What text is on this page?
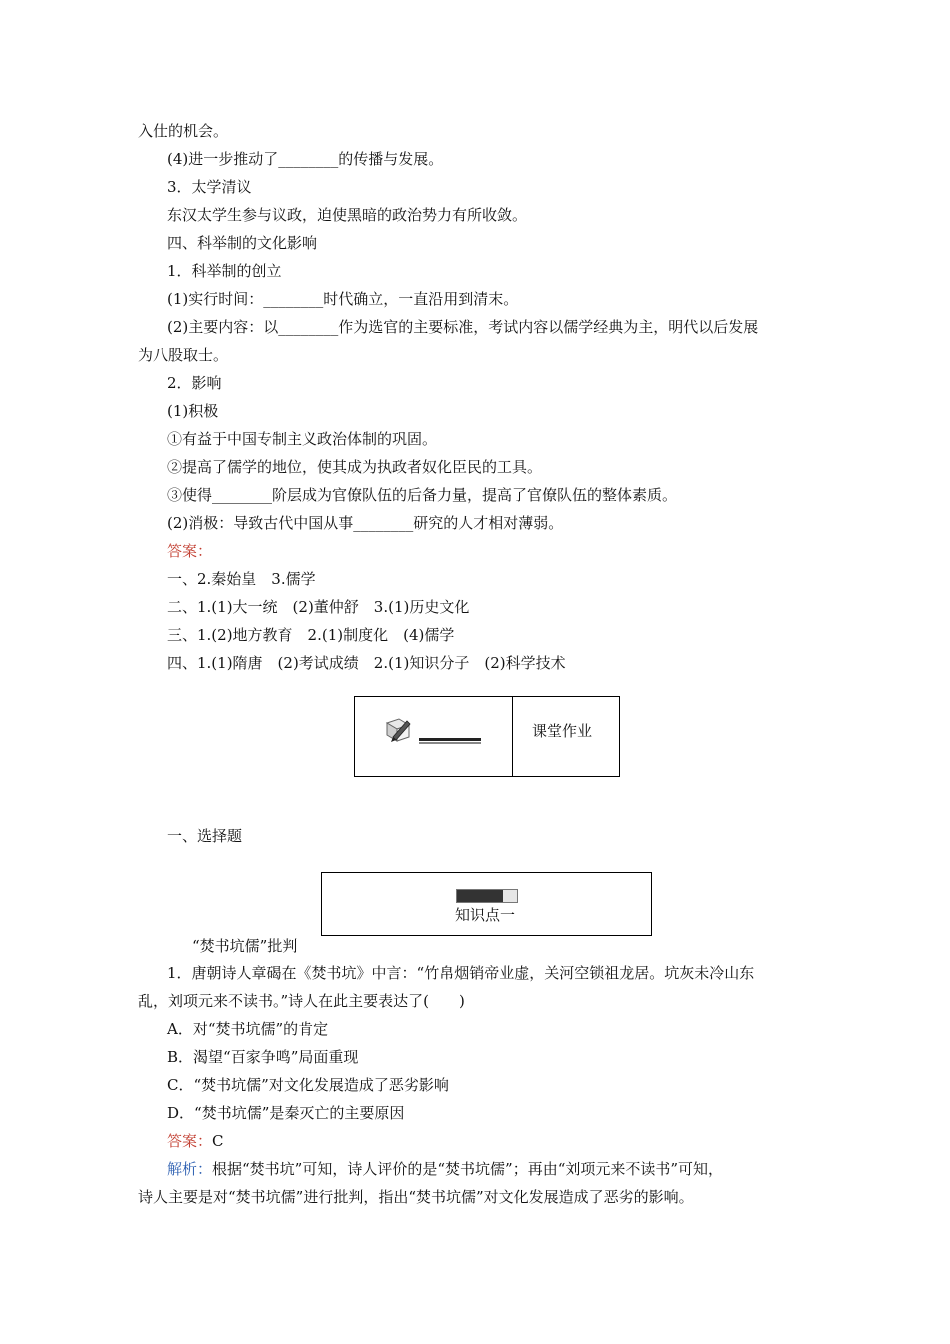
入仕的机会。
(4)进一步推动了________的传播与发展。
3．太学清议
东汉太学生参与议政，迫使黑暗的政治势力有所收敛。
四、科举制的文化影响
1．科举制的创立
(1)实行时间：________时代确立，一直沿用到清末。
(2)主要内容：以________作为选官的主要标准，考试内容以儒学经典为主，明代以后发展
为八股取士。
2．影响
(1)积极
①有益于中国专制主义政治体制的巩固。
②提高了儒学的地位，使其成为执政者奴化臣民的工具。
③使得________阶层成为官僚队伍的后备力量，提高了官僚队伍的整体素质。
(2)消极：导致古代中国从事________研究的人才相对薄弱。
答案：
一、2.秦始皇　3.儒学
二、1.(1)大一统　(2)董仲舒　3.(1)历史文化
三、1.(2)地方教育　2.(1)制度化　(4)儒学
四、1.(1)隋唐　(2)考试成绩　2.(1)知识分子　(2)科学技术
课堂作业
一、选择题
知识点一
“焚书坑儒”批判
1．唐朝诗人章碣在《焚书坑》中言：“竹帛烟销帝业虚，关河空锁祖龙居。坑灰未冷山东
乱，刘项元来不读书。”诗人在此主要表达了(　　)
A．对“焚书坑儒”的肯定
B．渴望“百家争鸣”局面重现
C．“焚书坑儒”对文化发展造成了恶劣影响
D．“焚书坑儒”是秦灭亡的主要原因
答案：C
解析：根据“焚书坑”可知，诗人评价的是“焚书坑儒”；再由“刘项元来不读书”可知，
诗人主要是对“焚书坑儒”进行批判，指出“焚书坑儒”对文化发展造成了恶劣的影响。
